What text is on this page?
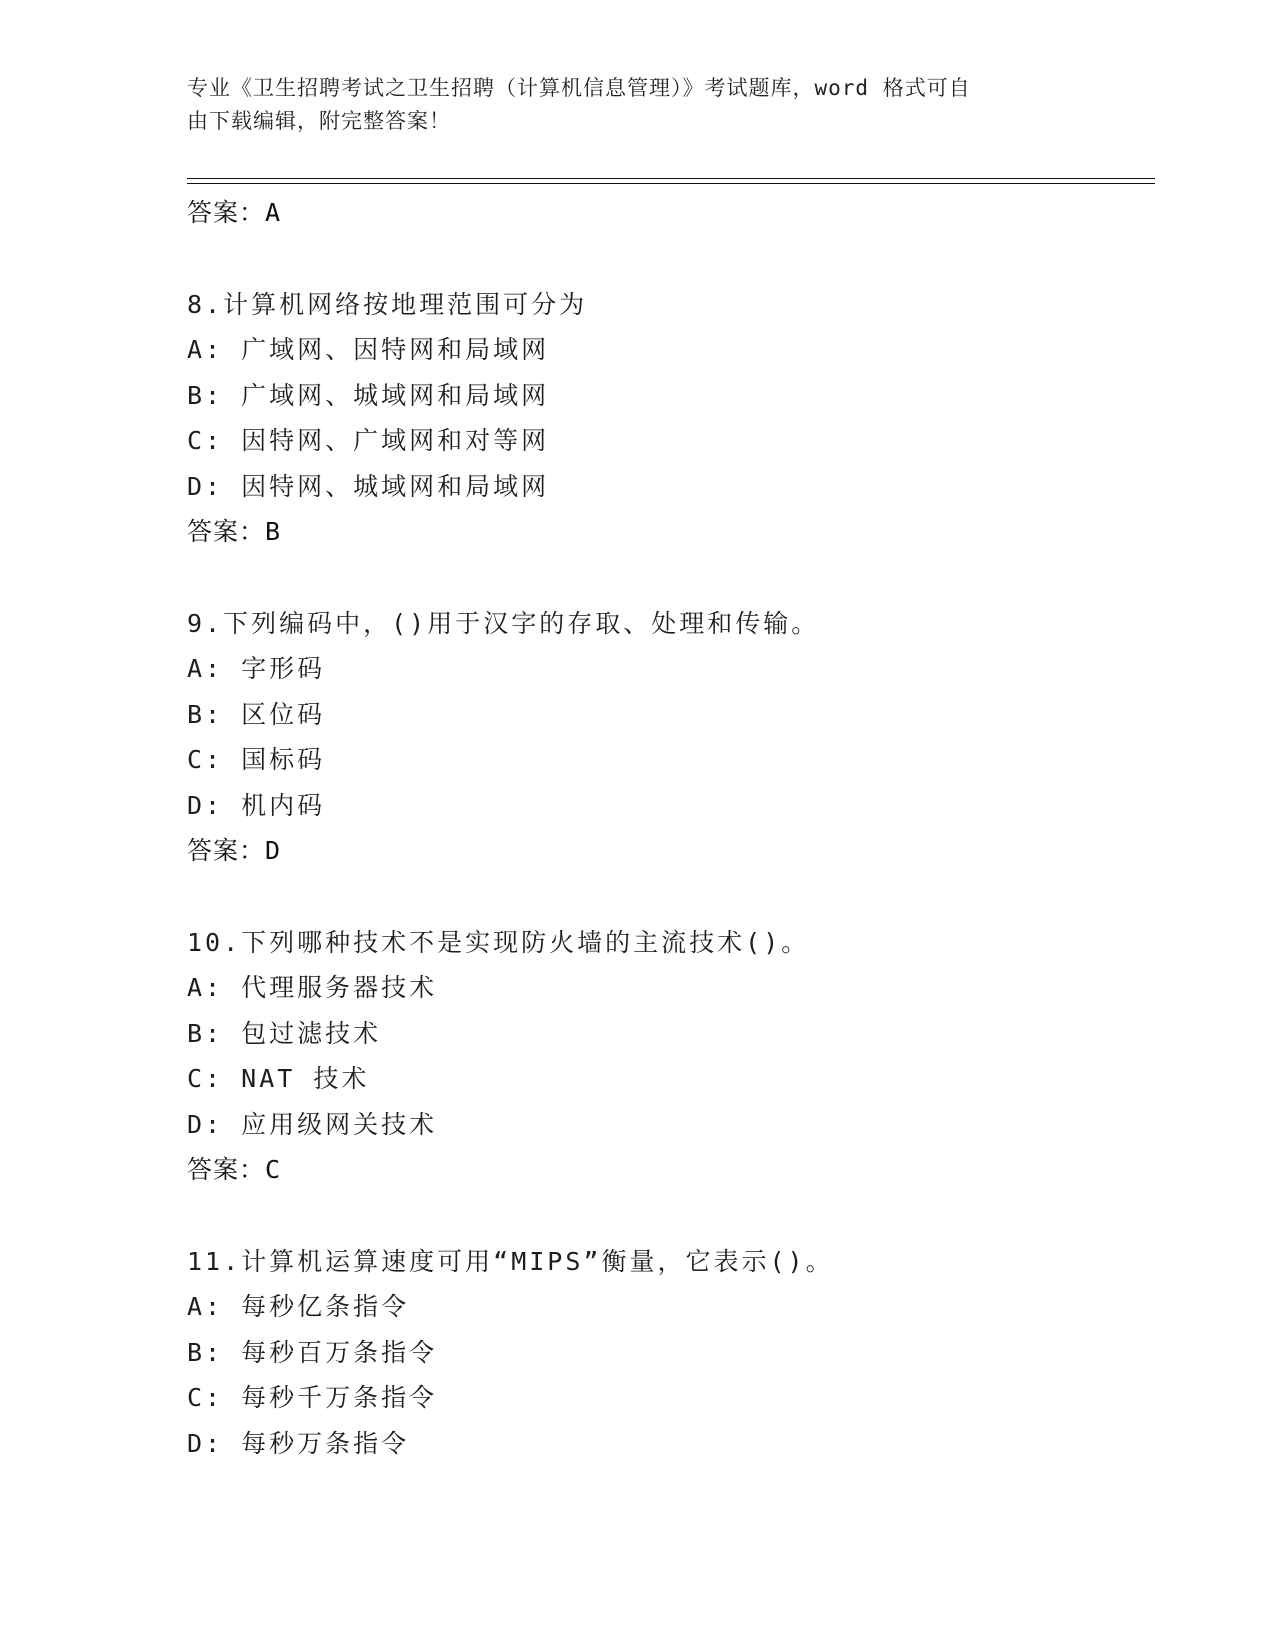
专业《卫生招聘考试之卫生招聘（计算机信息管理）》考试题库，word 格式可自
由下载编辑，附完整答案！
答案：A
8.计算机网络按地理范围可分为
A: 广域网、因特网和局域网
B: 广域网、城域网和局域网
C: 因特网、广域网和对等网
D: 因特网、城域网和局域网
答案：B
9.下列编码中，()用于汉字的存取、处理和传输。
A: 字形码
B: 区位码
C: 国标码
D: 机内码
答案：D
10.下列哪种技术不是实现防火墙的主流技术()。
A: 代理服务器技术
B: 包过滤技术
C: NAT 技术
D: 应用级网关技术
答案：C
11.计算机运算速度可用“MIPS”衡量，它表示()。
A: 每秒亿条指令
B: 每秒百万条指令
C: 每秒千万条指令
D: 每秒万条指令
